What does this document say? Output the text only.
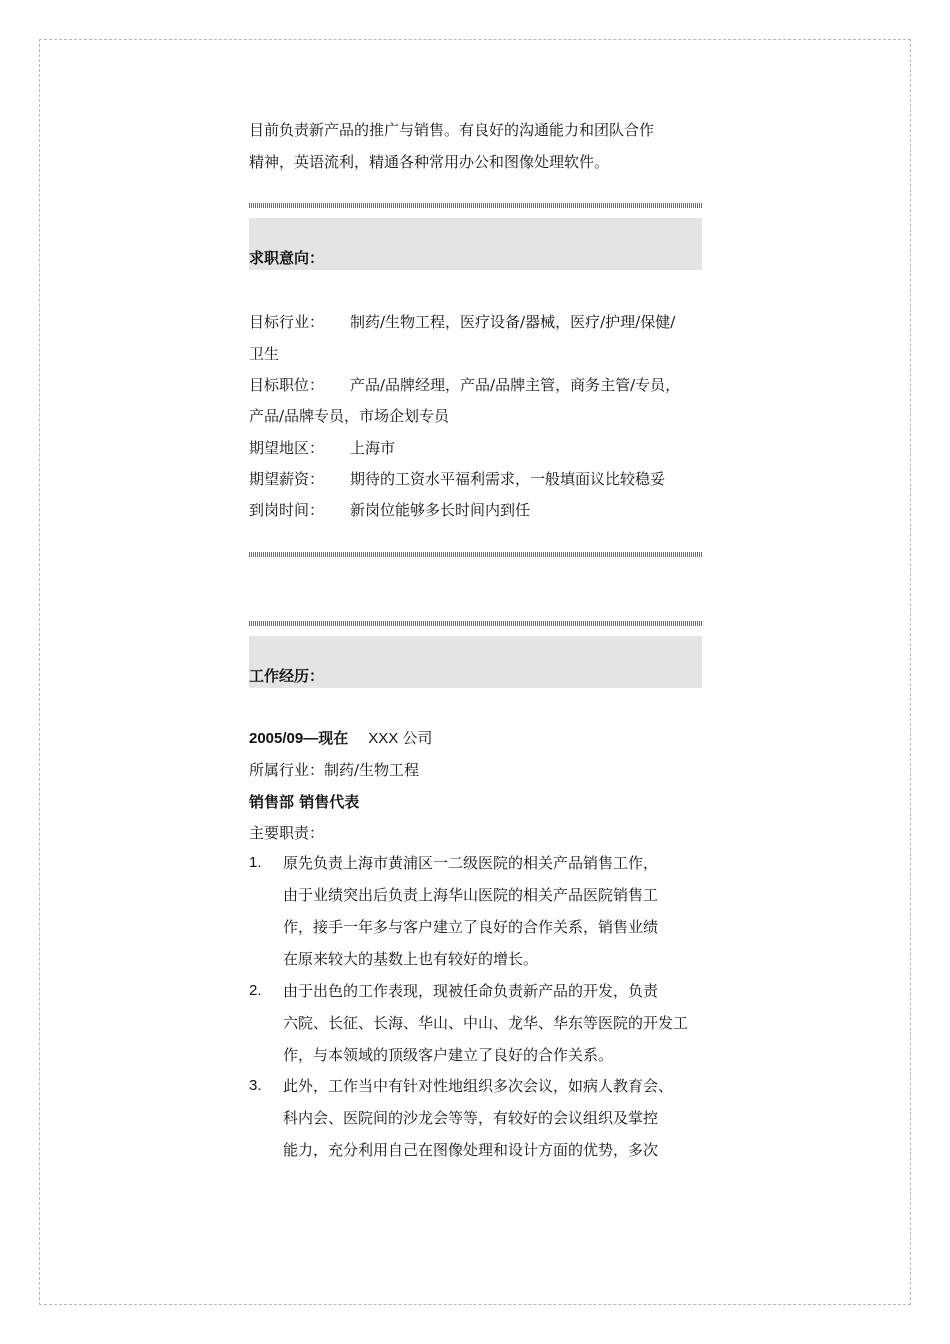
目前负责新产品的推广与销售。有良好的沟通能力和团队合作
精神，英语流利，精通各种常用办公和图像处理软件。
求职意向：
目标行业： 制药/生物工程，医疗设备/器械，医疗/护理/保健/
卫生
目标职位： 产品/品牌经理，产品/品牌主管，商务主管/专员，
产品/品牌专员，市场企划专员
期望地区： 上海市
期望薪资： 期待的工资水平福利需求，一般填面议比较稳妥
到岗时间： 新岗位能够多长时间内到任
工作经历：
2005/09—现在 XXX 公司
所属行业：制药/生物工程
销售部 销售代表
主要职责：
1. 原先负责上海市黄浦区一二级医院的相关产品销售工作，
由于业绩突出后负责上海华山医院的相关产品医院销售工
作，接手一年多与客户建立了良好的合作关系，销售业绩
在原来较大的基数上也有较好的增长。
2. 由于出色的工作表现，现被任命负责新产品的开发，负责
六院、长征、长海、华山、中山、龙华、华东等医院的开发工
作，与本领域的顶级客户建立了良好的合作关系。
3. 此外，工作当中有针对性地组织多次会议，如病人教育会、
科内会、医院间的沙龙会等等，有较好的会议组织及掌控
能力，充分利用自己在图像处理和设计方面的优势，多次
